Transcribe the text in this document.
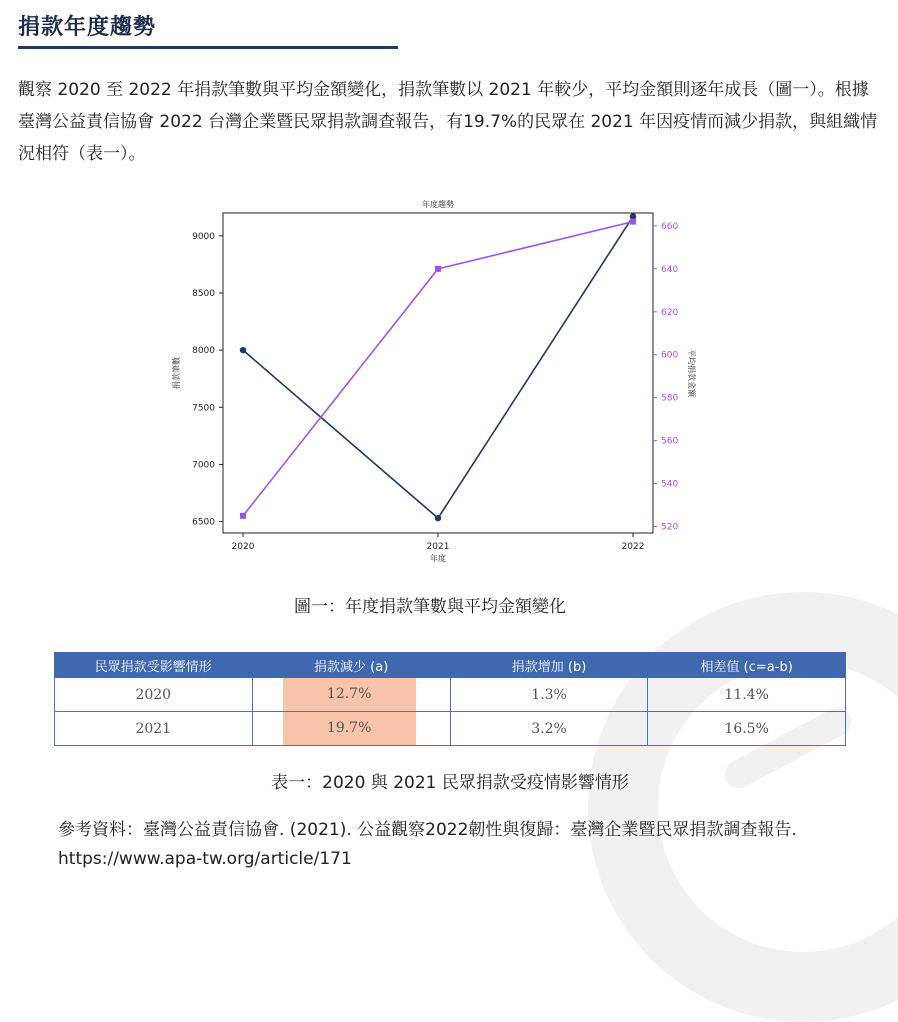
捐款年度趨勢

觀察 2020 至 2022 年捐款筆數與平均金額變化，捐款筆數以 2021 年較少，平均金額則逐年成長（圖一）。根據臺灣公益責信協會 2022 台灣企業暨民眾捐款調查報告，有19.7%的民眾在 2021 年因疫情而減少捐款，與組織情況相符（表一）。

年度趨勢
2020	2021	2022
年度
6500
7000
7500
8000
8500
9000
捐款筆數
520
540
560
580
600
620
640
660
平均捐款金額
圖一：年度捐款筆數與平均金額變化
民眾捐款受影響情形	捐款減少 (a)	捐款增加 (b)	相差值 (c=a-b)
2020	12.7%	1.3%	11.4%
2021	19.7%	3.2%	16.5%
表一：2020 與 2021 民眾捐款受疫情影響情形

參考資料：臺灣公益責信協會. (2021). 公益觀察2022韌性與復歸：臺灣企業暨民眾捐款調查報告. https://www.apa-tw.org/article/171
